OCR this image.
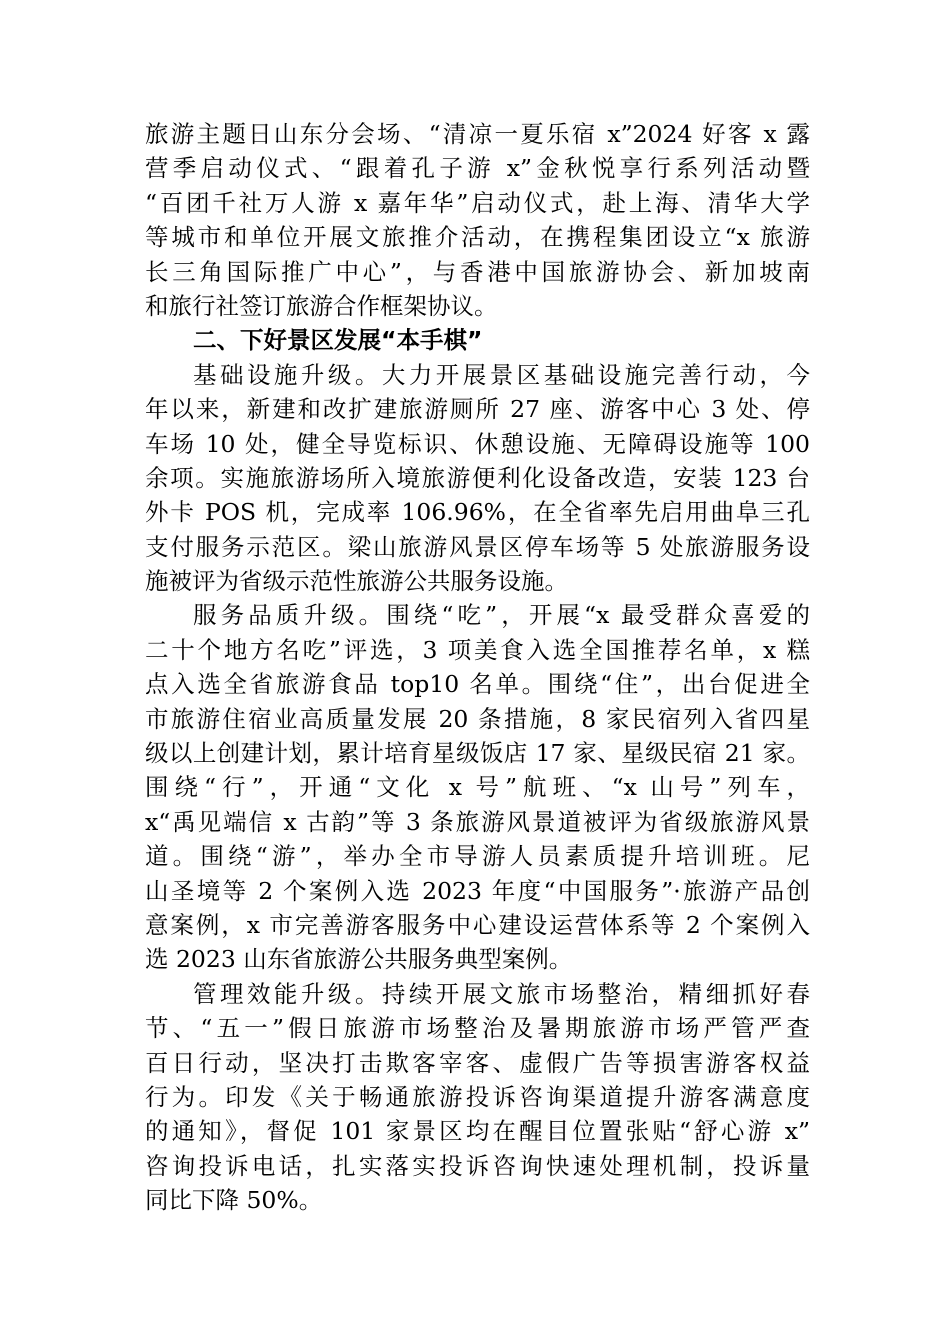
旅游主题日山东分会场、“清凉一夏乐宿 x”2024 好客 x 露
营季启动仪式、“跟着孔子游 x”金秋悦享行系列活动暨
“百团千社万人游 x 嘉年华”启动仪式，赴上海、清华大学
等城市和单位开展文旅推介活动，在携程集团设立“x 旅游
长三角国际推广中心”，与香港中国旅游协会、新加坡南
和旅行社签订旅游合作框架协议。
二、下好景区发展“本手棋”
基础设施升级。大力开展景区基础设施完善行动，今
年以来，新建和改扩建旅游厕所 27 座、游客中心 3 处、停
车场 10 处，健全导览标识、休憩设施、无障碍设施等 100
余项。实施旅游场所入境旅游便利化设备改造，安装 123 台
外卡 POS 机，完成率 106.96%，在全省率先启用曲阜三孔
支付服务示范区。梁山旅游风景区停车场等 5 处旅游服务设
施被评为省级示范性旅游公共服务设施。
服务品质升级。围绕“吃”，开展“x 最受群众喜爱的
二十个地方名吃”评选，3 项美食入选全国推荐名单，x 糕
点入选全省旅游食品 top10 名单。围绕“住”，出台促进全
市旅游住宿业高质量发展 20 条措施，8 家民宿列入省四星
级以上创建计划，累计培育星级饭店 17 家、星级民宿 21 家。
围绕“行”，开通“文化 x 号”航班、“x 山号”列车，
x“禹见端信 x 古韵”等 3 条旅游风景道被评为省级旅游风景
道。围绕“游”，举办全市导游人员素质提升培训班。尼
山圣境等 2 个案例入选 2023 年度“中国服务”·旅游产品创
意案例，x 市完善游客服务中心建设运营体系等 2 个案例入
选 2023 山东省旅游公共服务典型案例。
管理效能升级。持续开展文旅市场整治，精细抓好春
节、“五一”假日旅游市场整治及暑期旅游市场严管严查
百日行动，坚决打击欺客宰客、虚假广告等损害游客权益
行为。印发《关于畅通旅游投诉咨询渠道提升游客满意度
的通知》，督促 101 家景区均在醒目位置张贴“舒心游 x”
咨询投诉电话，扎实落实投诉咨询快速处理机制，投诉量
同比下降 50%。
